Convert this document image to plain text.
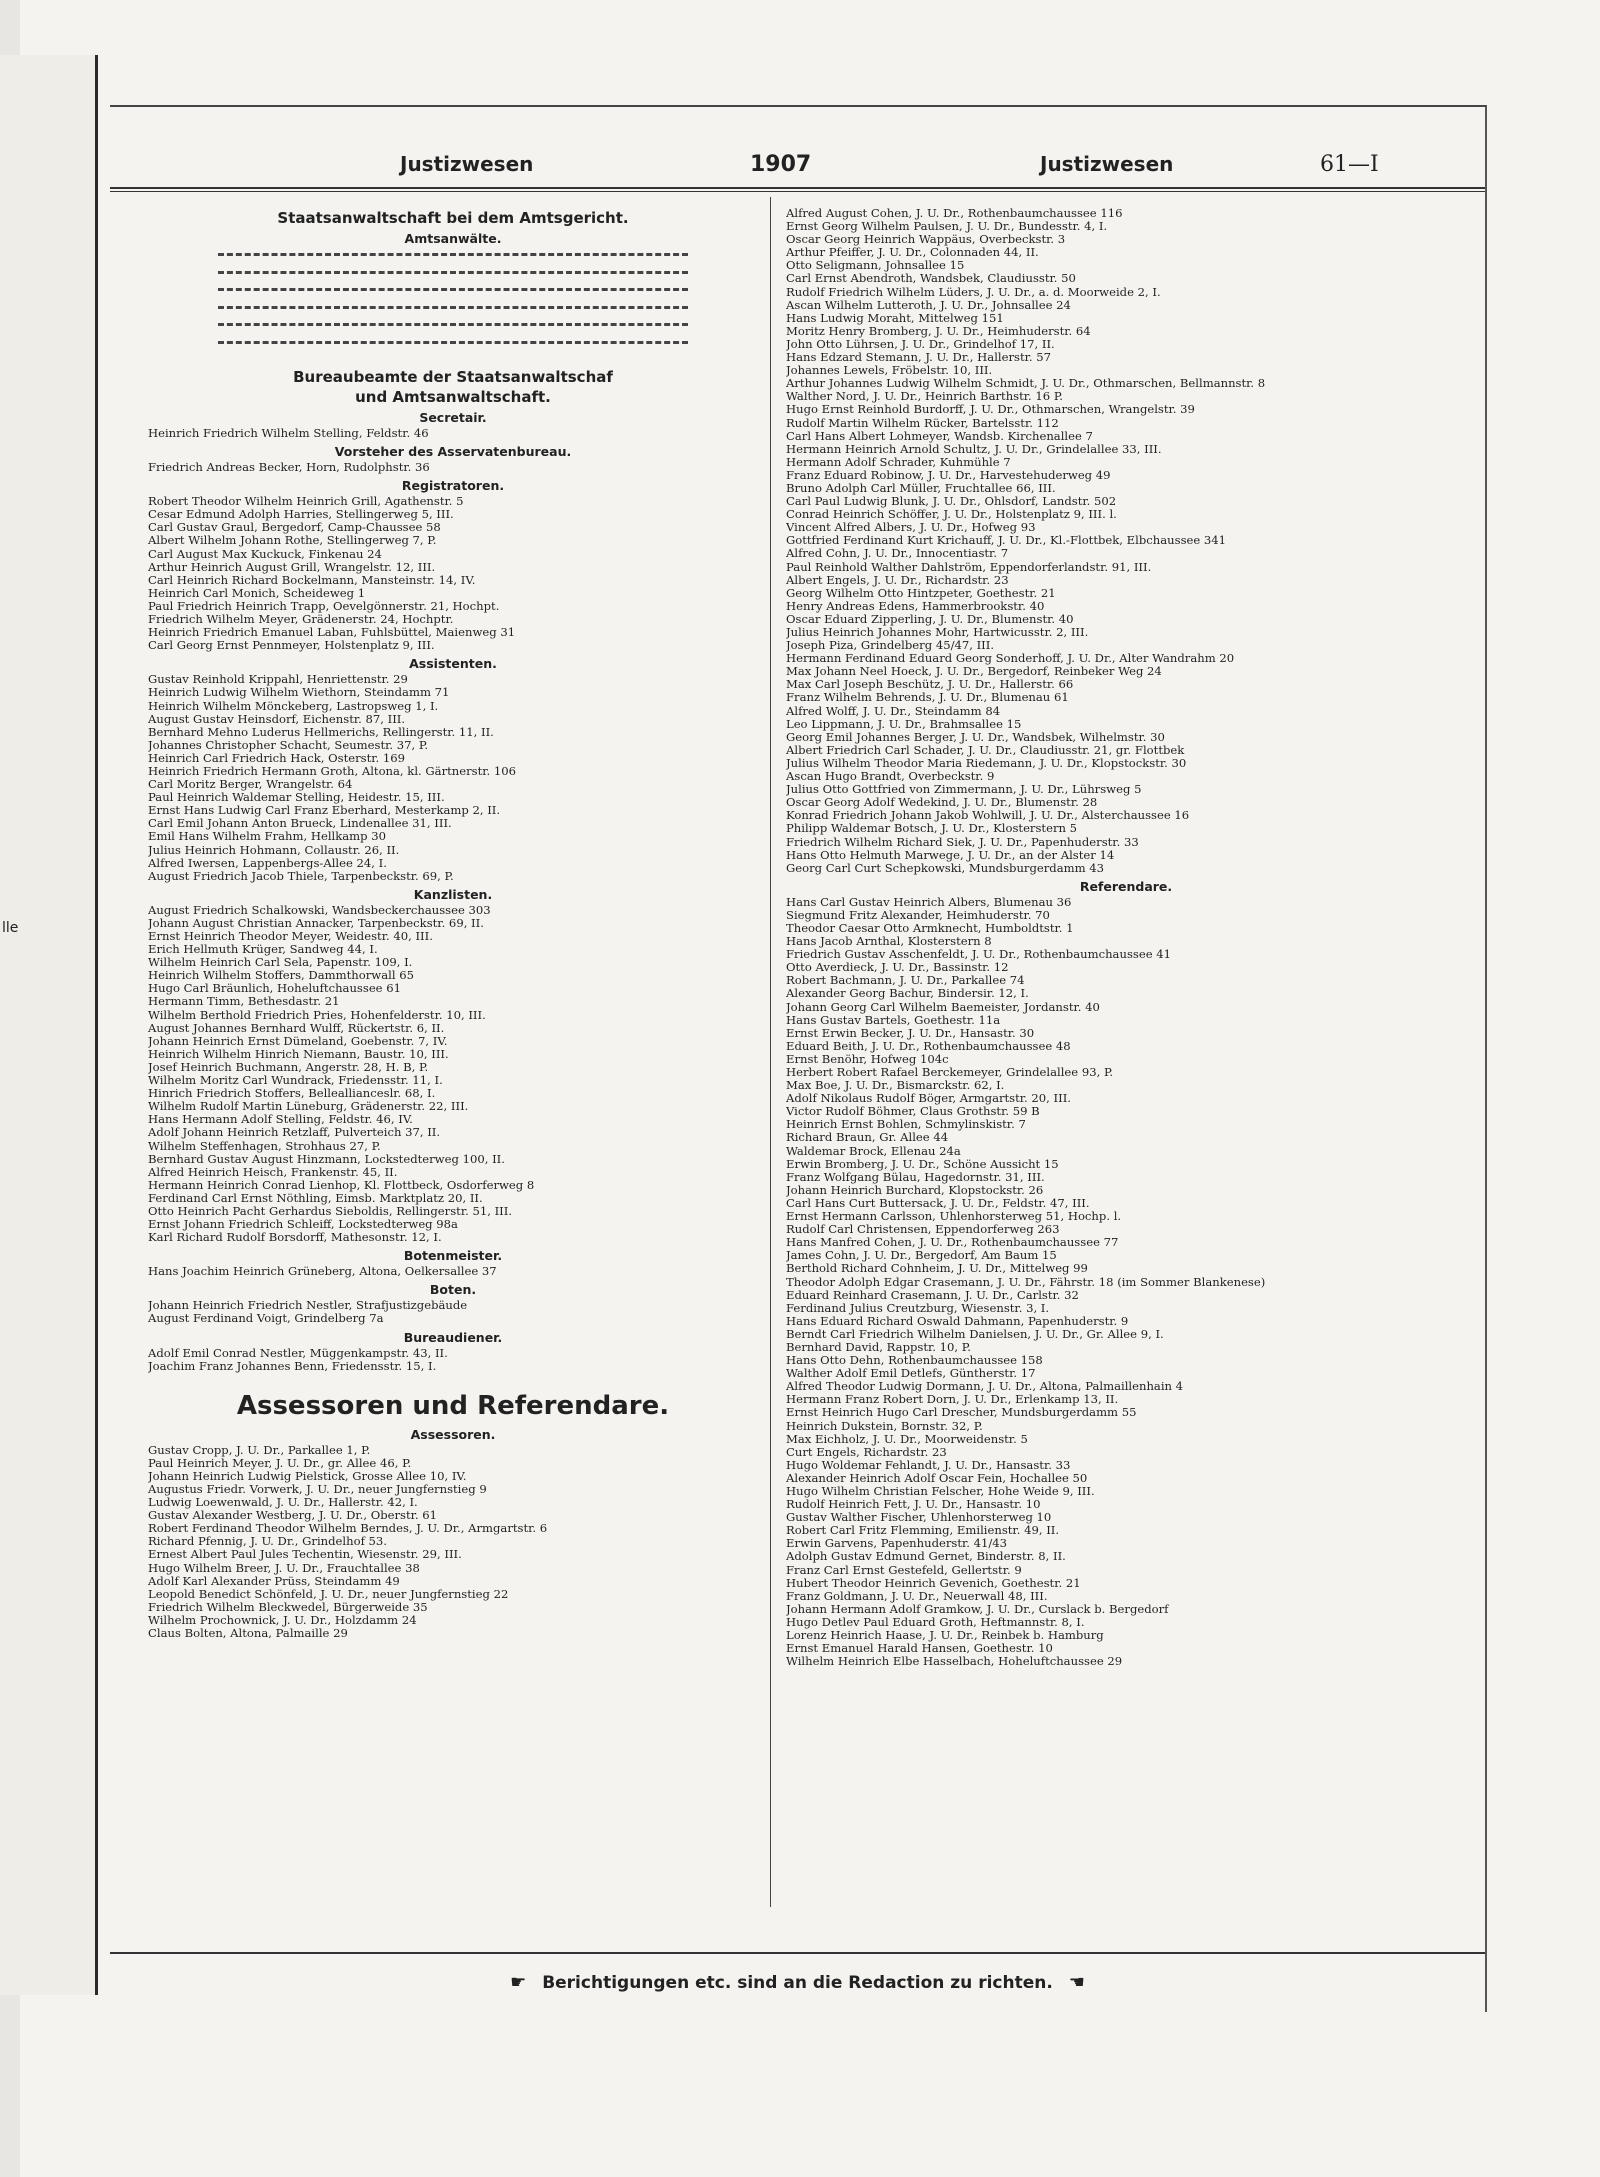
lle
Justizwesen	1907	Justizwesen	61—I
Staatsanwaltschaft bei dem Amtsgericht.
Amtsanwälte.
Bureaubeamte der Staatsanwaltschaf
und Amtsanwaltschaft.
Secretair.
Heinrich Friedrich Wilhelm Stelling, Feldstr. 46
Vorsteher des Asservatenbureau.
Friedrich Andreas Becker, Horn, Rudolphstr. 36
Registratoren.
Robert Theodor Wilhelm Heinrich Grill, Agathenstr. 5
Cesar Edmund Adolph Harries, Stellingerweg 5, III.
Carl Gustav Graul, Bergedorf, Camp-Chaussee 58
Albert Wilhelm Johann Rothe, Stellingerweg 7, P.
Carl August Max Kuckuck, Finkenau 24
Arthur Heinrich August Grill, Wrangelstr. 12, III.
Carl Heinrich Richard Bockelmann, Mansteinstr. 14, IV.
Heinrich Carl Monich, Scheideweg 1
Paul Friedrich Heinrich Trapp, Oevelgönnerstr. 21, Hochpt.
Friedrich Wilhelm Meyer, Grädenerstr. 24, Hochptr.
Heinrich Friedrich Emanuel Laban, Fuhlsbüttel, Maienweg 31
Carl Georg Ernst Pennmeyer, Holstenplatz 9, III.
Assistenten.
Gustav Reinhold Krippahl, Henriettenstr. 29
Heinrich Ludwig Wilhelm Wiethorn, Steindamm 71
Heinrich Wilhelm Mönckeberg, Lastropsweg 1, I.
August Gustav Heinsdorf, Eichenstr. 87, III.
Bernhard Mehno Luderus Hellmerichs, Rellingerstr. 11, II.
Johannes Christopher Schacht, Seumestr. 37, P.
Heinrich Carl Friedrich Hack, Osterstr. 169
Heinrich Friedrich Hermann Groth, Altona, kl. Gärtnerstr. 106
Carl Moritz Berger, Wrangelstr. 64
Paul Heinrich Waldemar Stelling, Heidestr. 15, III.
Ernst Hans Ludwig Carl Franz Eberhard, Mesterkamp 2, II.
Carl Emil Johann Anton Brueck, Lindenallee 31, III.
Emil Hans Wilhelm Frahm, Hellkamp 30
Julius Heinrich Hohmann, Collaustr. 26, II.
Alfred Iwersen, Lappenbergs-Allee 24, I.
August Friedrich Jacob Thiele, Tarpenbeckstr. 69, P.
Kanzlisten.
August Friedrich Schalkowski, Wandsbeckerchaussee 303
Johann August Christian Annacker, Tarpenbeckstr. 69, II.
Ernst Heinrich Theodor Meyer, Weidestr. 40, III.
Erich Hellmuth Krüger, Sandweg 44, I.
Wilhelm Heinrich Carl Sela, Papenstr. 109, I.
Heinrich Wilhelm Stoffers, Dammthorwall 65
Hugo Carl Bräunlich, Hoheluftchaussee 61
Hermann Timm, Bethesdastr. 21
Wilhelm Berthold Friedrich Pries, Hohenfelderstr. 10, III.
August Johannes Bernhard Wulff, Rückertstr. 6, II.
Johann Heinrich Ernst Dümeland, Goebenstr. 7, IV.
Heinrich Wilhelm Hinrich Niemann, Baustr. 10, III.
Josef Heinrich Buchmann, Angerstr. 28, H. B, P.
Wilhelm Moritz Carl Wundrack, Friedensstr. 11, I.
Hinrich Friedrich Stoffers, Belleallianceslr. 68, I.
Wilhelm Rudolf Martin Lüneburg, Grädenerstr. 22, III.
Hans Hermann Adolf Stelling, Feldstr. 46, IV.
Adolf Johann Heinrich Retzlaff, Pulverteich 37, II.
Wilhelm Steffenhagen, Strohhaus 27, P.
Bernhard Gustav August Hinzmann, Lockstedterweg 100, II.
Alfred Heinrich Heisch, Frankenstr. 45, II.
Hermann Heinrich Conrad Lienhop, Kl. Flottbeck, Osdorferweg 8
Ferdinand Carl Ernst Nöthling, Eimsb. Marktplatz 20, II.
Otto Heinrich Pacht Gerhardus Sieboldis, Rellingerstr. 51, III.
Ernst Johann Friedrich Schleiff, Lockstedterweg 98a
Karl Richard Rudolf Borsdorff, Mathesonstr. 12, I.
Botenmeister.
Hans Joachim Heinrich Grüneberg, Altona, Oelkersallee 37
Boten.
Johann Heinrich Friedrich Nestler, Strafjustizgebäude
August Ferdinand Voigt, Grindelberg 7a
Bureaudiener.
Adolf Emil Conrad Nestler, Müggenkampstr. 43, II.
Joachim Franz Johannes Benn, Friedensstr. 15, I.
Assessoren und Referendare.
Assessoren.
Gustav Cropp, J. U. Dr., Parkallee 1, P.
Paul Heinrich Meyer, J. U. Dr., gr. Allee 46, P.
Johann Heinrich Ludwig Pielstick, Grosse Allee 10, IV.
Augustus Friedr. Vorwerk, J. U. Dr., neuer Jungfernstieg 9
Ludwig Loewenwald, J. U. Dr., Hallerstr. 42, I.
Gustav Alexander Westberg, J. U. Dr., Oberstr. 61
Robert Ferdinand Theodor Wilhelm Berndes, J. U. Dr., Armgartstr. 6
Richard Pfennig, J. U. Dr., Grindelhof 53.
Ernest Albert Paul Jules Techentin, Wiesenstr. 29, III.
Hugo Wilhelm Breer, J. U. Dr., Frauchtallee 38
Adolf Karl Alexander Prüss, Steindamm 49
Leopold Benedict Schönfeld, J. U. Dr., neuer Jungfernstieg 22
Friedrich Wilhelm Bleckwedel, Bürgerweide 35
Wilhelm Prochownick, J. U. Dr., Holzdamm 24
Claus Bolten, Altona, Palmaille 29
Alfred August Cohen, J. U. Dr., Rothenbaumchaussee 116
Ernst Georg Wilhelm Paulsen, J. U. Dr., Bundesstr. 4, I.
Oscar Georg Heinrich Wappäus, Overbeckstr. 3
Arthur Pfeiffer, J. U. Dr., Colonnaden 44, II.
Otto Seligmann, Johnsallee 15
Carl Ernst Abendroth, Wandsbek, Claudiusstr. 50
Rudolf Friedrich Wilhelm Lüders, J. U. Dr., a. d. Moorweide 2, I.
Ascan Wilhelm Lutteroth, J. U. Dr., Johnsallee 24
Hans Ludwig Moraht, Mittelweg 151
Moritz Henry Bromberg, J. U. Dr., Heimhuderstr. 64
John Otto Lührsen, J. U. Dr., Grindelhof 17, II.
Hans Edzard Stemann, J. U. Dr., Hallerstr. 57
Johannes Lewels, Fröbelstr. 10, III.
Arthur Johannes Ludwig Wilhelm Schmidt, J. U. Dr., Othmarschen, Bellmannstr. 8
Walther Nord, J. U. Dr., Heinrich Barthstr. 16 P.
Hugo Ernst Reinhold Burdorff, J. U. Dr., Othmarschen, Wrangelstr. 39
Rudolf Martin Wilhelm Rücker, Bartelsstr. 112
Carl Hans Albert Lohmeyer, Wandsb. Kirchenallee 7
Hermann Heinrich Arnold Schultz, J. U. Dr., Grindelallee 33, III.
Hermann Adolf Schrader, Kuhmühle 7
Franz Eduard Robinow, J. U. Dr., Harvestehuderweg 49
Bruno Adolph Carl Müller, Fruchtallee 66, III.
Carl Paul Ludwig Blunk, J. U. Dr., Ohlsdorf, Landstr. 502
Conrad Heinrich Schöffer, J. U. Dr., Holstenplatz 9, III. l.
Vincent Alfred Albers, J. U. Dr., Hofweg 93
Gottfried Ferdinand Kurt Krichauff, J. U. Dr., Kl.-Flottbek, Elbchaussee 341
Alfred Cohn, J. U. Dr., Innocentiastr. 7
Paul Reinhold Walther Dahlström, Eppendorferlandstr. 91, III.
Albert Engels, J. U. Dr., Richardstr. 23
Georg Wilhelm Otto Hintzpeter, Goethestr. 21
Henry Andreas Edens, Hammerbrookstr. 40
Oscar Eduard Zipperling, J. U. Dr., Blumenstr. 40
Julius Heinrich Johannes Mohr, Hartwicusstr. 2, III.
Joseph Piza, Grindelberg 45/47, III.
Hermann Ferdinand Eduard Georg Sonderhoff, J. U. Dr., Alter Wandrahm 20
Max Johann Neel Hoeck, J. U. Dr., Bergedorf, Reinbeker Weg 24
Max Carl Joseph Beschütz, J. U. Dr., Hallerstr. 66
Franz Wilhelm Behrends, J. U. Dr., Blumenau 61
Alfred Wolff, J. U. Dr., Steindamm 84
Leo Lippmann, J. U. Dr., Brahmsallee 15
Georg Emil Johannes Berger, J. U. Dr., Wandsbek, Wilhelmstr. 30
Albert Friedrich Carl Schader, J. U. Dr., Claudiusstr. 21, gr. Flottbek
Julius Wilhelm Theodor Maria Riedemann, J. U. Dr., Klopstockstr. 30
Ascan Hugo Brandt, Overbeckstr. 9
Julius Otto Gottfried von Zimmermann, J. U. Dr., Lührsweg 5
Oscar Georg Adolf Wedekind, J. U. Dr., Blumenstr. 28
Konrad Friedrich Johann Jakob Wohlwill, J. U. Dr., Alsterchaussee 16
Philipp Waldemar Botsch, J. U. Dr., Klosterstern 5
Friedrich Wilhelm Richard Siek, J. U. Dr., Papenhuderstr. 33
Hans Otto Helmuth Marwege, J. U. Dr., an der Alster 14
Georg Carl Curt Schepkowski, Mundsburgerdamm 43
Referendare.
Hans Carl Gustav Heinrich Albers, Blumenau 36
Siegmund Fritz Alexander, Heimhuderstr. 70
Theodor Caesar Otto Armknecht, Humboldtstr. 1
Hans Jacob Arnthal, Klosterstern 8
Friedrich Gustav Asschenfeldt, J. U. Dr., Rothenbaumchaussee 41
Otto Averdieck, J. U. Dr., Bassinstr. 12
Robert Bachmann, J. U. Dr., Parkallee 74
Alexander Georg Bachur, Bindersir. 12, I.
Johann Georg Carl Wilhelm Baemeister, Jordanstr. 40
Hans Gustav Bartels, Goethestr. 11a
Ernst Erwin Becker, J. U. Dr., Hansastr. 30
Eduard Beith, J. U. Dr., Rothenbaumchaussee 48
Ernst Benöhr, Hofweg 104c
Herbert Robert Rafael Berckemeyer, Grindelallee 93, P.
Max Boe, J. U. Dr., Bismarckstr. 62, I.
Adolf Nikolaus Rudolf Böger, Armgartstr. 20, III.
Victor Rudolf Böhmer, Claus Grothstr. 59 B
Heinrich Ernst Bohlen, Schmylinskistr. 7
Richard Braun, Gr. Allee 44
Waldemar Brock, Ellenau 24a
Erwin Bromberg, J. U. Dr., Schöne Aussicht 15
Franz Wolfgang Bülau, Hagedornstr. 31, III.
Johann Heinrich Burchard, Klopstockstr. 26
Carl Hans Curt Buttersack, J. U. Dr., Feldstr. 47, III.
Ernst Hermann Carlsson, Uhlenhorsterweg 51, Hochp. l.
Rudolf Carl Christensen, Eppendorferweg 263
Hans Manfred Cohen, J. U. Dr., Rothenbaumchaussee 77
James Cohn, J. U. Dr., Bergedorf, Am Baum 15
Berthold Richard Cohnheim, J. U. Dr., Mittelweg 99
Theodor Adolph Edgar Crasemann, J. U. Dr., Fährstr. 18 (im Sommer Blankenese)
Eduard Reinhard Crasemann, J. U. Dr., Carlstr. 32
Ferdinand Julius Creutzburg, Wiesenstr. 3, I.
Hans Eduard Richard Oswald Dahmann, Papenhuderstr. 9
Berndt Carl Friedrich Wilhelm Danielsen, J. U. Dr., Gr. Allee 9, I.
Bernhard David, Rappstr. 10, P.
Hans Otto Dehn, Rothenbaumchaussee 158
Walther Adolf Emil Detlefs, Güntherstr. 17
Alfred Theodor Ludwig Dormann, J. U. Dr., Altona, Palmaillenhain 4
Hermann Franz Robert Dorn, J. U. Dr., Erlenkamp 13, II.
Ernst Heinrich Hugo Carl Drescher, Mundsburgerdamm 55
Heinrich Dukstein, Bornstr. 32, P.
Max Eichholz, J. U. Dr., Moorweidenstr. 5
Curt Engels, Richardstr. 23
Hugo Woldemar Fehlandt, J. U. Dr., Hansastr. 33
Alexander Heinrich Adolf Oscar Fein, Hochallee 50
Hugo Wilhelm Christian Felscher, Hohe Weide 9, III.
Rudolf Heinrich Fett, J. U. Dr., Hansastr. 10
Gustav Walther Fischer, Uhlenhorsterweg 10
Robert Carl Fritz Flemming, Emilienstr. 49, II.
Erwin Garvens, Papenhuderstr. 41/43
Adolph Gustav Edmund Gernet, Binderstr. 8, II.
Franz Carl Ernst Gestefeld, Gellertstr. 9
Hubert Theodor Heinrich Gevenich, Goethestr. 21
Franz Goldmann, J. U. Dr., Neuerwall 48, III.
Johann Hermann Adolf Gramkow, J. U. Dr., Curslack b. Bergedorf
Hugo Detlev Paul Eduard Groth, Heftmannstr. 8, I.
Lorenz Heinrich Haase, J. U. Dr., Reinbek b. Hamburg
Ernst Emanuel Harald Hansen, Goethestr. 10
Wilhelm Heinrich Elbe Hasselbach, Hoheluftchaussee 29
☛ Berichtigungen etc. sind an die Redaction zu richten. ☚
